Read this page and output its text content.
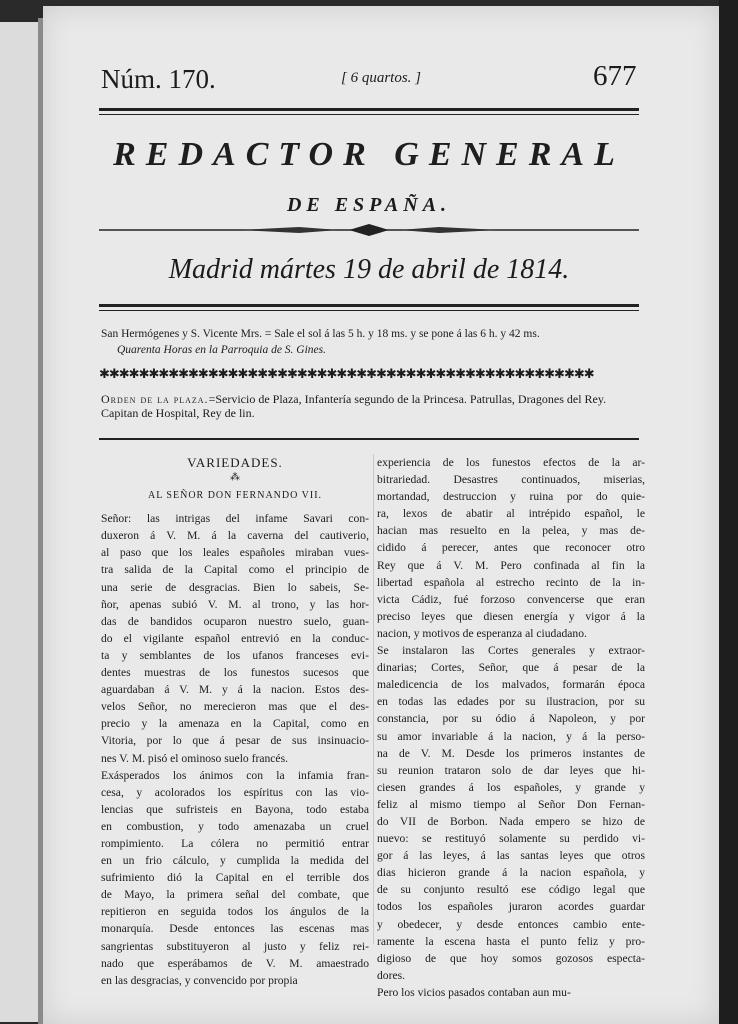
Núm. 170.	[ 6 quartos. ]	677
REDACTOR GENERAL
DE ESPAÑA.
Madrid mártes 19 de abril de 1814.
San Hermógenes y S. Vicente Mrs. = Sale el sol á las 5 h. y 18 ms. y se pone á las 6 h. y 42 ms.
Quarenta Horas en la Parroquia de S. Gines.
✱✱✱✱✱✱✱✱✱✱✱✱✱✱✱✱✱✱✱✱✱✱✱✱✱✱✱✱✱✱✱✱✱✱✱✱✱✱✱✱✱✱✱✱✱✱✱✱✱✱
Orden de la plaza.=Servicio de Plaza, Infantería segundo de la Princesa. Patrullas, Dragones del Rey. Capitan de Hospital, Rey de lin.
VARIEDADES.
⁂
AL SEÑOR DON FERNANDO VII.
Señor: las intrigas del infame Savari con-
duxeron á V. M. á la caverna del cautiverio,
al paso que los leales españoles miraban vues-
tra salida de la Capital como el principio de
una serie de desgracias. Bien lo sabeis, Se-
ñor, apenas subió V. M. al trono, y las hor-
das de bandidos ocuparon nuestro suelo, guan-
do el vigilante español entrevió en la conduc-
ta y semblantes de los ufanos franceses evi-
dentes muestras de los funestos sucesos que
aguardaban á V. M. y á la nacion. Estos des-
velos Señor, no merecieron mas que el des-
precio y la amenaza en la Capital, como en
Vitoria, por lo que á pesar de sus insinuacio-
nes V. M. pisó el ominoso suelo francés.
Exásperados los ánimos con la infamia fran-
cesa, y acolorados los espíritus con las vio-
lencias que sufristeis en Bayona, todo estaba
en combustion, y todo amenazaba un cruel
rompimiento. La cólera no permitió entrar
en un frio cálculo, y cumplida la medida del
sufrimiento dió la Capital en el terrible dos
de Mayo, la primera señal del combate, que
repitieron en seguida todos los ángulos de la
monarquía. Desde entonces las escenas mas
sangrientas substituyeron al justo y feliz rei-
nado que esperábamos de V. M. amaestrado
en las desgracias, y convencido por propia
experiencia de los funestos efectos de la ar-
bitrariedad. Desastres continuados, miserias,
mortandad, destruccion y ruina por do quie-
ra, lexos de abatir al intrépido español, le
hacian mas resuelto en la pelea, y mas de-
cidido á perecer, antes que reconocer otro
Rey que á V. M. Pero confinada al fin la
libertad española al estrecho recinto de la in-
victa Cádiz, fué forzoso convencerse que eran
preciso leyes que diesen energía y vigor á la
nacion, y motivos de esperanza al ciudadano.
Se instalaron las Cortes generales y extraor-
dinarias; Cortes, Señor, que á pesar de la
maledicencia de los malvados, formarán época
en todas las edades por su ilustracion, por su
constancia, por su ódio á Napoleon, y por
su amor invariable á la nacion, y á la perso-
na de V. M. Desde los primeros instantes de
su reunion trataron solo de dar leyes que hi-
ciesen grandes á los españoles, y grande y
feliz al mismo tiempo al Señor Don Fernan-
do VII de Borbon. Nada empero se hizo de
nuevo: se restituyó solamente su perdido vi-
gor á las leyes, á las santas leyes que otros
dias hicieron grande á la nacion española, y
de su conjunto resultó ese código legal que
todos los españoles juraron acordes guardar
y obedecer, y desde entonces cambio ente-
ramente la escena hasta el punto feliz y pro-
digioso de que hoy somos gozosos especta-
dores.
Pero los vicios pasados contaban aun mu-
